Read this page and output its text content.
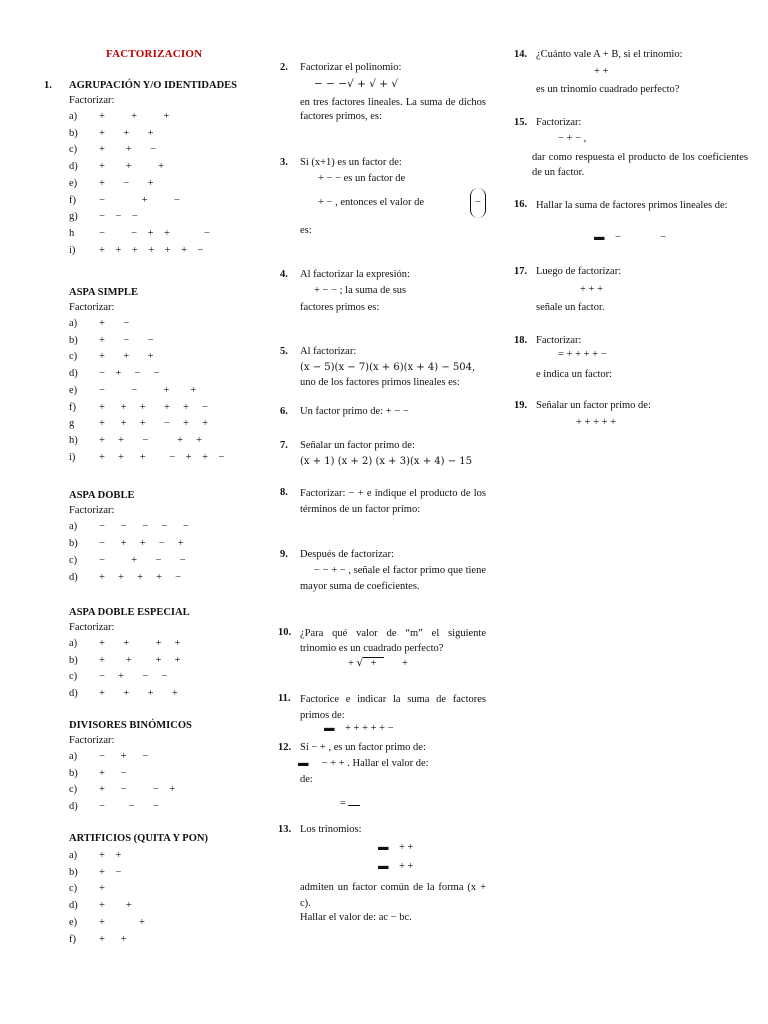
FACTORIZACION
1. AGRUPACIÓN Y/O IDENTIDADES
Factorizar:
a) +          +          +
b) +       +       +
c) +        +       −
d) +        +          +
e) +       −       +
f) −              +          −
g) −    −    −
h −          −    +    +             −
i) +    +    +    +    +    +    −
ASPA SIMPLE
Factorizar:
a) +       −
b) +       −       −
c) +       +       +
d) −    +     −     −
e) −          −          +        +
f) +      +     +       +     +     −
g +      +     +       −     +     +
h) +     +       −           +     +
i) +     +      +         −    +    +    −
ASPA DOBLE
Factorizar:
a) −      −      −     −      −
b) −      +     +     −     +
c) −          +       −       −
d) +     +     +     +     −
ASPA DOBLE ESPECIAL
Factorizar:
a) +       +          +     +
b) +        +         +     +
c) −     +       −     −
d) +       +       +       +
DIVISORES BINÓMICOS
Factorizar:
a) −      +      −
b) +      −
c) +      −          −    +
d) −         −       −
ARTIFICIOS (QUITA Y PON)
a) +    +
b) +    −
c) +
d) +        +
e) +             +
f) +      +
2. Factorizar el polinomio:
− − −√ + √ + √
en tres factores lineales. La suma de dichos factores primos, es:
3. Si (x+1) es un factor de:
+ − − es un factor de
+ − , entonces el valor de	−
es:
4. Al factorizar la expresión:
+ − − ; la suma de sus
factores primos es:
5. Al factorizar:
(x − 5)(x − 7)(x + 6)(x + 4) − 504,
uno de los factores primos lineales es:
6. Un factor primo de: + − −
7. Señalar un factor primo de:
(x + 1) (x + 2) (x + 3)(x + 4) − 15
8. Factorizar: − + e indique el producto de los términos de un factor primo:
9. Después de factorizar:
− − + − , señale el factor primo que tiene mayor suma de coeficientes.
10. ¿Para qué valor de “m” el siguiente trinomio es un cuadrado perfecto?
+ √ + +
11. Factorice e indicar la suma de factores primos de:
▬ + + + + + −
12. Sí − + , es un factor primo de:
▬ − + + . Hallar el valor de:
de:
=
13. Los trinomios:
▬ + +
▬ + +
admiten un factor común de la forma (x + c).
Hallar el valor de: ac − bc.
14. ¿Cuánto vale A + B, si el trinomio:
+ +
es un trinomio cuadrado perfecto?
15. Factorizar:
− + − ,
dar como respuesta el producto de los coeficientes de un factor.
16. Hallar la suma de factores primos lineales de:
▬ −	−
17. Luego de factorizar:
+ + +
señale un factor.
18. Factorizar:
= + + + + −
e indica un factor:
19. Señalar un factor primo de:
+ + + + +
